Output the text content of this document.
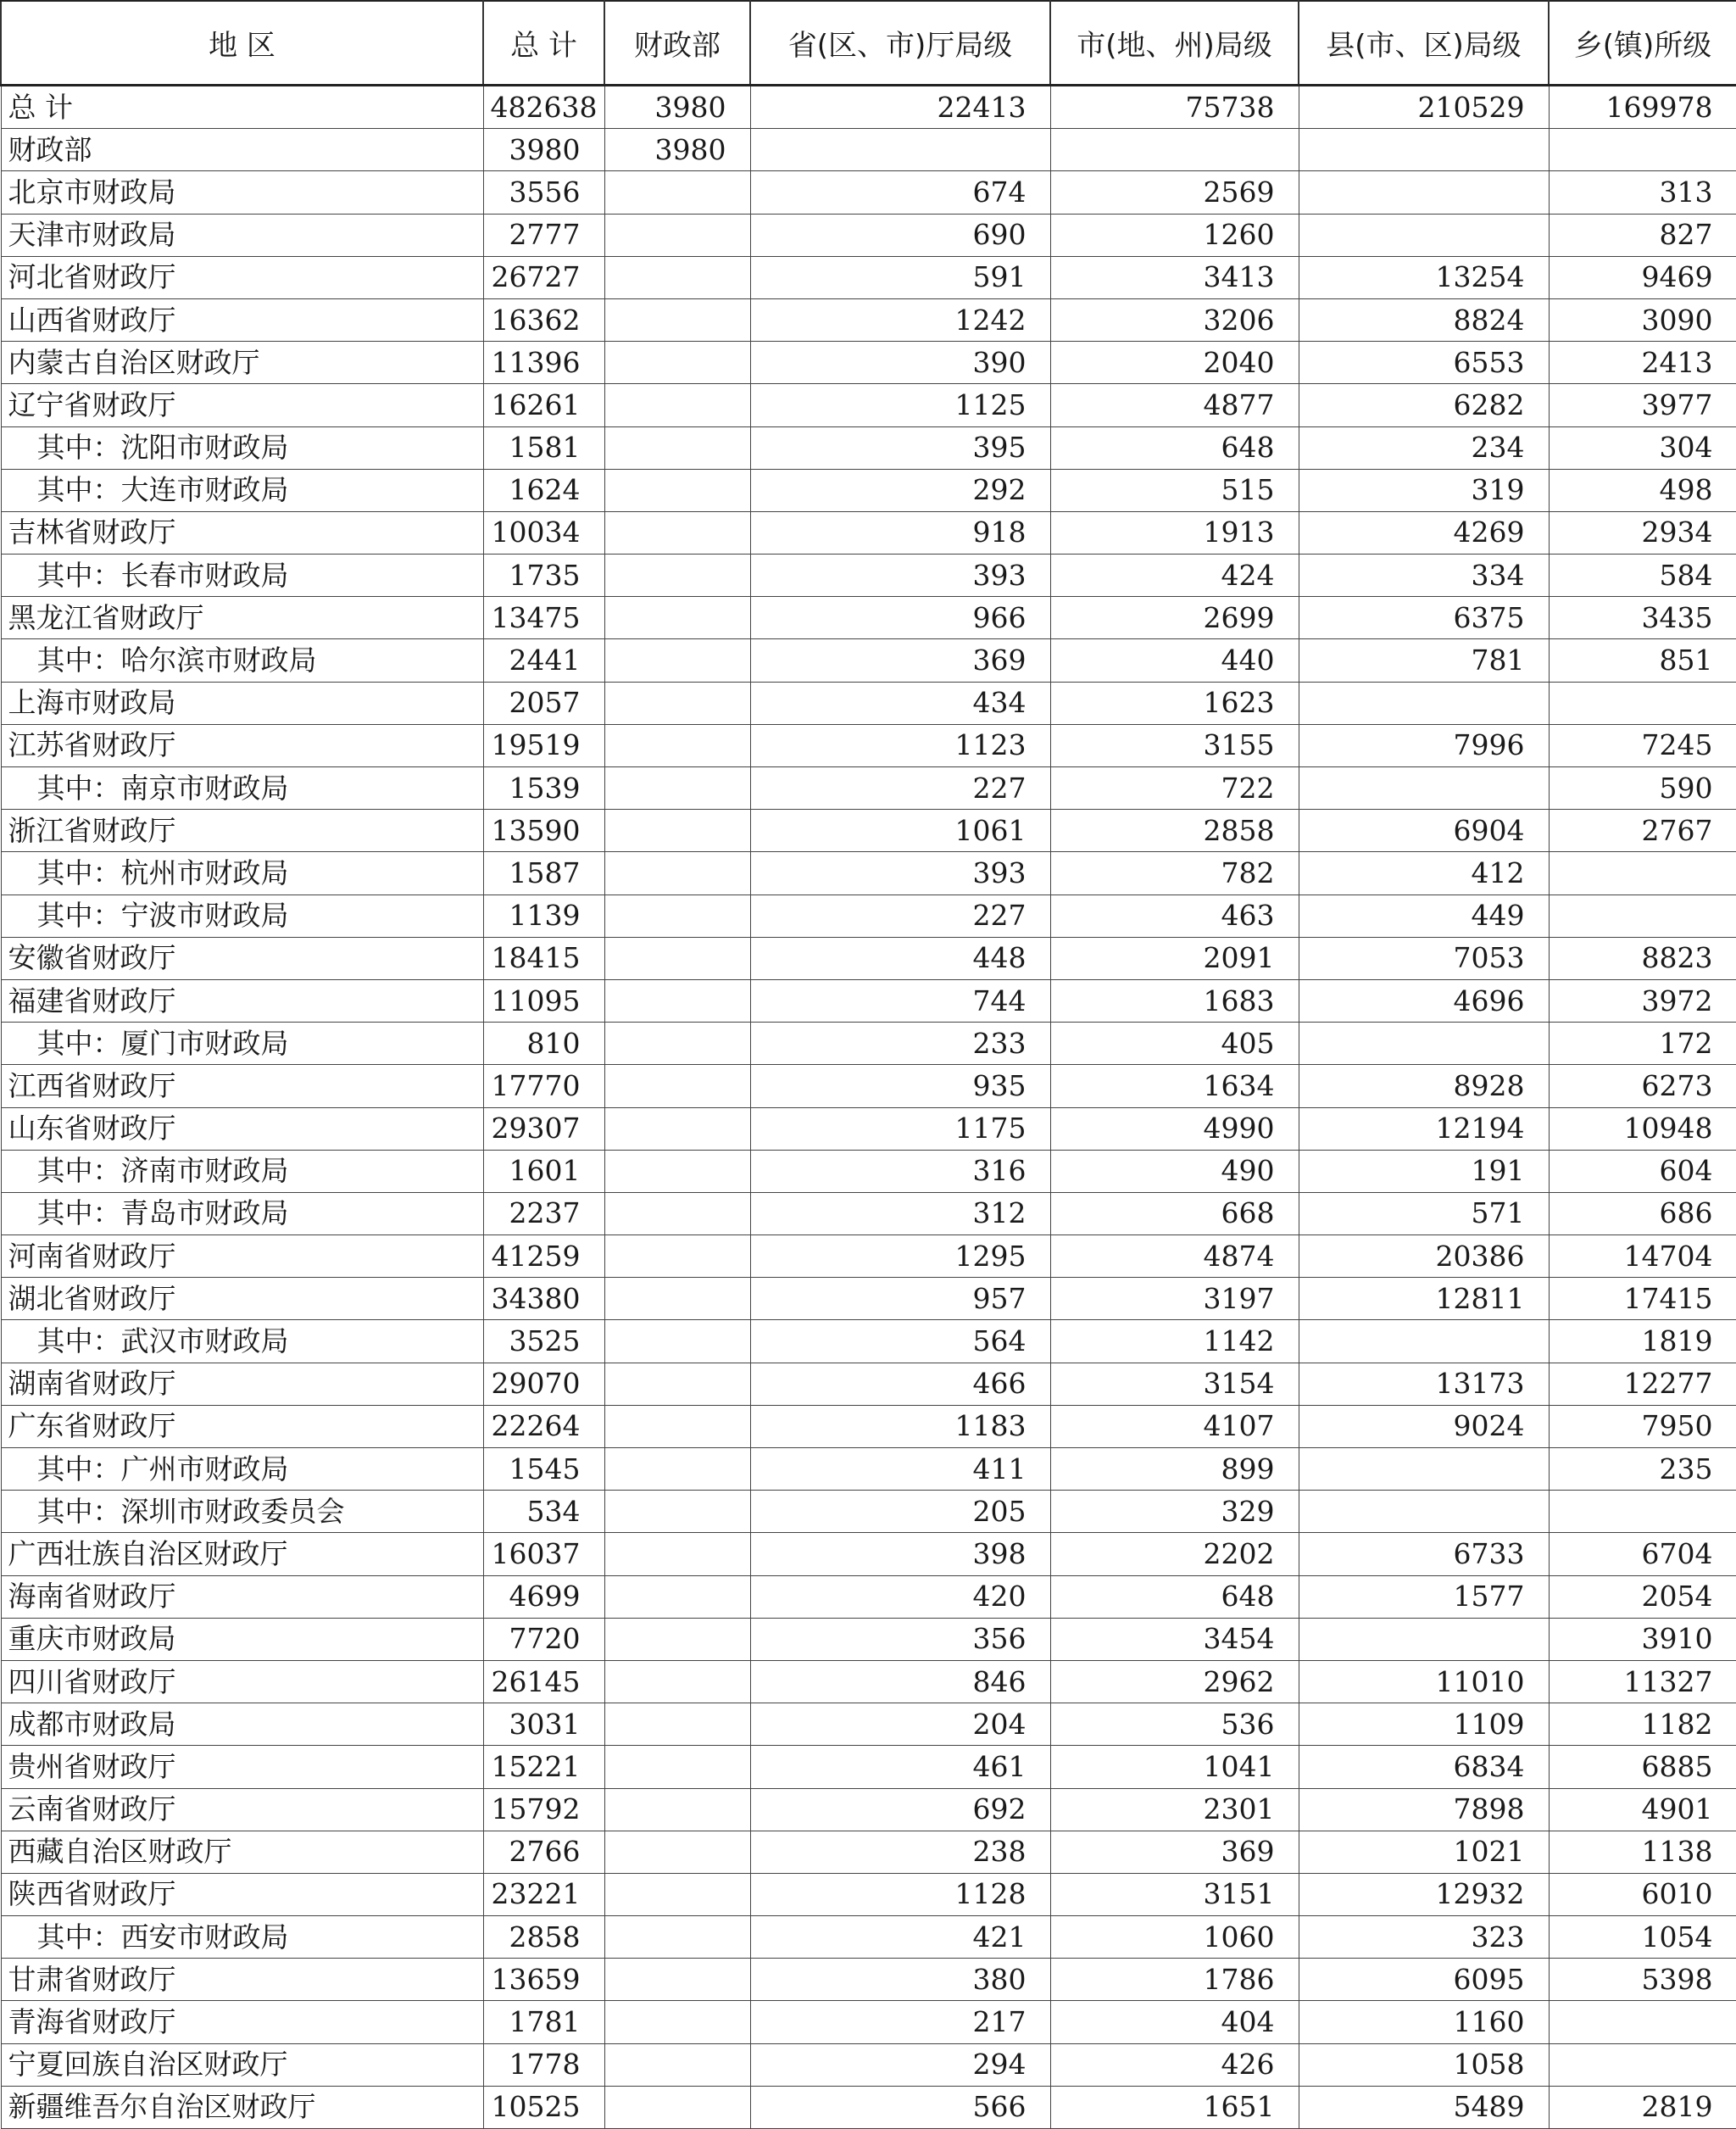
地 区	总 计	财政部	省(区、市)厅局级	市(地、州)局级	县(市、区)局级	乡(镇)所级
总 计	482638	3980	22413	75738	210529	169978
财政部	3980	3980				
北京市财政局	3556		674	2569		313
天津市财政局	2777		690	1260		827
河北省财政厅	26727		591	3413	13254	9469
山西省财政厅	16362		1242	3206	8824	3090
内蒙古自治区财政厅	11396		390	2040	6553	2413
辽宁省财政厅	16261		1125	4877	6282	3977
其中：沈阳市财政局	1581		395	648	234	304
其中：大连市财政局	1624		292	515	319	498
吉林省财政厅	10034		918	1913	4269	2934
其中：长春市财政局	1735		393	424	334	584
黑龙江省财政厅	13475		966	2699	6375	3435
其中：哈尔滨市财政局	2441		369	440	781	851
上海市财政局	2057		434	1623		
江苏省财政厅	19519		1123	3155	7996	7245
其中：南京市财政局	1539		227	722		590
浙江省财政厅	13590		1061	2858	6904	2767
其中：杭州市财政局	1587		393	782	412	
其中：宁波市财政局	1139		227	463	449	
安徽省财政厅	18415		448	2091	7053	8823
福建省财政厅	11095		744	1683	4696	3972
其中：厦门市财政局	810		233	405		172
江西省财政厅	17770		935	1634	8928	6273
山东省财政厅	29307		1175	4990	12194	10948
其中：济南市财政局	1601		316	490	191	604
其中：青岛市财政局	2237		312	668	571	686
河南省财政厅	41259		1295	4874	20386	14704
湖北省财政厅	34380		957	3197	12811	17415
其中：武汉市财政局	3525		564	1142		1819
湖南省财政厅	29070		466	3154	13173	12277
广东省财政厅	22264		1183	4107	9024	7950
其中：广州市财政局	1545		411	899		235
其中：深圳市财政委员会	534		205	329		
广西壮族自治区财政厅	16037		398	2202	6733	6704
海南省财政厅	4699		420	648	1577	2054
重庆市财政局	7720		356	3454		3910
四川省财政厅	26145		846	2962	11010	11327
成都市财政局	3031		204	536	1109	1182
贵州省财政厅	15221		461	1041	6834	6885
云南省财政厅	15792		692	2301	7898	4901
西藏自治区财政厅	2766		238	369	1021	1138
陕西省财政厅	23221		1128	3151	12932	6010
其中：西安市财政局	2858		421	1060	323	1054
甘肃省财政厅	13659		380	1786	6095	5398
青海省财政厅	1781		217	404	1160	
宁夏回族自治区财政厅	1778		294	426	1058	
新疆维吾尔自治区财政厅	10525		566	1651	5489	2819
